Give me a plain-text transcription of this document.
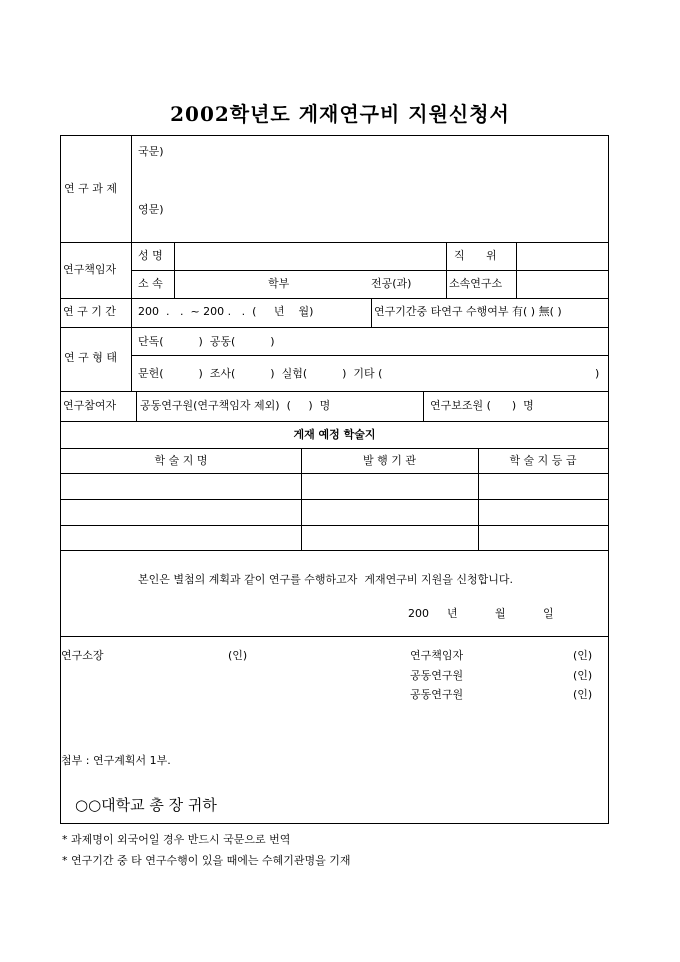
2002학년도 게재연구비 지원신청서
연 구 과 제
국문)
영문)
연구책임자
성 명	직 위
소 속	학부	전공(과)	소속연구소
연 구 기 간 200  .   .  ~ 200 .   .  (     년    월)	연구기간중 타연구 수행여부 有( ) 無( )
연 구 형 태
단독(          )  공동(          )
문헌(          )  조사(          )  실험(          )  기타 (	)
연구참여자 공동연구원(연구책임자 제외)  (     )  명	연구보조원 (      )  명
게재 예정 학술지
학 술 지 명	발 행 기 관	학 술 지 등 급
본인은 별첨의 계획과 같이 연구를 수행하고자  게재연구비 지원을 신청합니다.
200 년	월	일
연구소장	(인)	연구책임자	(인)
공동연구원	(인)
공동연구원	(인)
첨부 : 연구계획서 1부.
○○대학교 총 장 귀하
* 과제명이 외국어일 경우 반드시 국문으로 번역
* 연구기간 중 타 연구수행이 있을 때에는 수혜기관명을 기재
